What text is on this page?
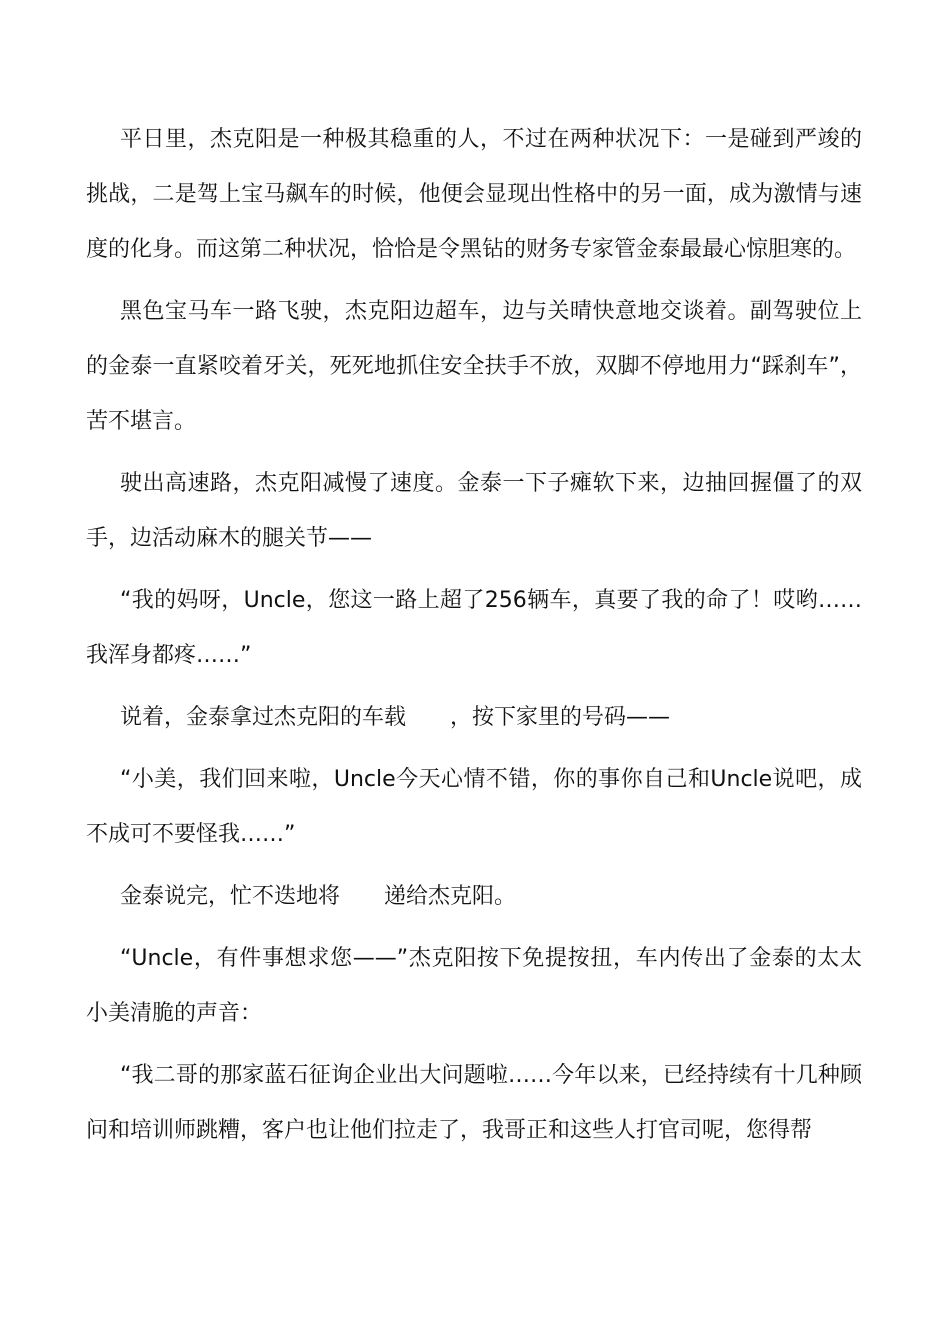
平日里，杰克阳是一种极其稳重的人，不过在两种状况下：一是碰到严竣的挑战，二是驾上宝马飙车的时候，他便会显现出性格中的另一面，成为激情与速度的化身。而这第二种状况，恰恰是令黑钻的财务专家管金泰最最心惊胆寒的。

黑色宝马车一路飞驶，杰克阳边超车，边与关晴快意地交谈着。副驾驶位上的金泰一直紧咬着牙关，死死地抓住安全扶手不放，双脚不停地用力“踩刹车”，苦不堪言。

驶出高速路，杰克阳减慢了速度。金泰一下子瘫软下来，边抽回握僵了的双手，边活动麻木的腿关节——

“我的妈呀，Uncle，您这一路上超了256辆车，真要了我的命了！哎哟……我浑身都疼……”

说着，金泰拿过杰克阳的车载　　，按下家里的号码——

“小美，我们回来啦，Uncle今天心情不错，你的事你自己和Uncle说吧，成不成可不要怪我……”

金泰说完，忙不迭地将　　递给杰克阳。

“Uncle，有件事想求您——”杰克阳按下免提按扭，车内传出了金泰的太太小美清脆的声音：

“我二哥的那家蓝石征询企业出大问题啦……今年以来，已经持续有十几种顾问和培训师跳糟，客户也让他们拉走了，我哥正和这些人打官司呢，您得帮
